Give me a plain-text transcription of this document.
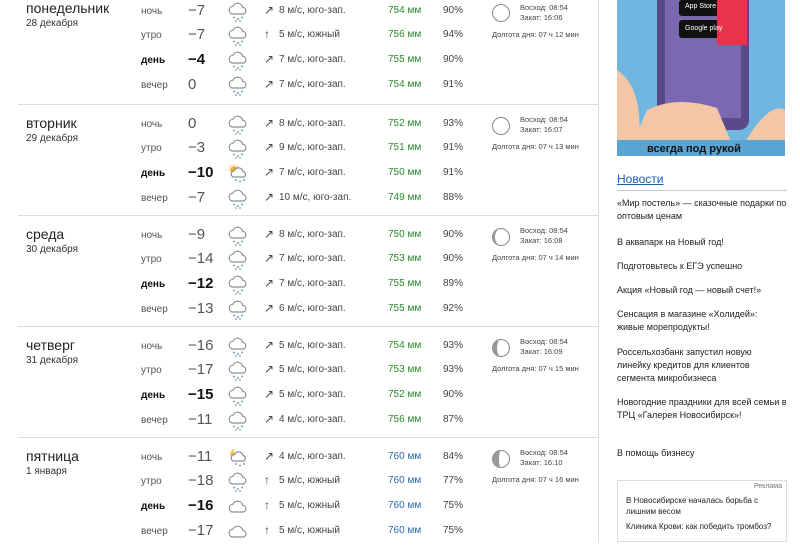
понедельник
28 декабря
Восход: 08:54
Закат: 16:06
Долгота дня: 07 ч 12 мин
ночь −7	↗ 8 м/с, юго-зап.	754 мм 90%
утро −7	↑ 5 м/с, южный	756 мм 94%
день −4	↗ 7 м/с, юго-зап.	755 мм 90%
вечер 0	↗ 7 м/с, юго-зап.	754 мм 91%
вторник
29 декабря
Восход: 08:54
Закат: 16:07
Долгота дня: 07 ч 13 мин
ночь 0	↗ 8 м/с, юго-зап.	752 мм 93%
утро −3	↗ 9 м/с, юго-зап.	751 мм 91%
день −10	↗ 7 м/с, юго-зап.	750 мм 91%
вечер −7	↗ 10 м/с, юго-зап.	749 мм 88%
среда
30 декабря
Восход: 08:54
Закат: 16:08
Долгота дня: 07 ч 14 мин
ночь −9	↗ 8 м/с, юго-зап.	750 мм 90%
утро −14	↗ 7 м/с, юго-зап.	753 мм 90%
день −12	↗ 7 м/с, юго-зап.	755 мм 89%
вечер −13	↗ 6 м/с, юго-зап.	755 мм 92%
четверг
31 декабря
Восход: 08:54
Закат: 16:09
Долгота дня: 07 ч 15 мин
ночь −16	↗ 5 м/с, юго-зап.	754 мм 93%
утро −17	↗ 5 м/с, юго-зап.	753 мм 93%
день −15	↗ 5 м/с, юго-зап.	752 мм 90%
вечер −11	↗ 4 м/с, юго-зап.	756 мм 87%
пятница
1 января
Восход: 08:54
Закат: 16:10
Долгота дня: 07 ч 16 мин
ночь −11	↗ 4 м/с, юго-зап.	760 мм 84%
утро −18	↑ 5 м/с, южный	760 мм 77%
день −16	↑ 5 м/с, южный	760 мм 75%
вечер −17	↑ 5 м/с, южный	760 мм 75%
App Store
Google play
всегда под рукой
Новости
«Мир постель» — сказочные подарки по оптовым ценам
В аквапарк на Новый год!
Подготовьтесь к ЕГЭ успешно
Акция «Новый год — новый счет!»
Сенсация в магазине «Холидей»: живые морепродукты!
Россельхозбанк запустил новую линейку кредитов для клиентов сегмента микробизнеса
Новогодние праздники для всей семьи в ТРЦ «Галерея Новосибирск»!
В помощь бизнесу
Реклама
В Новосибирске началась борьба с лишним весом
Клиника Крови: как победить тромбоз?
